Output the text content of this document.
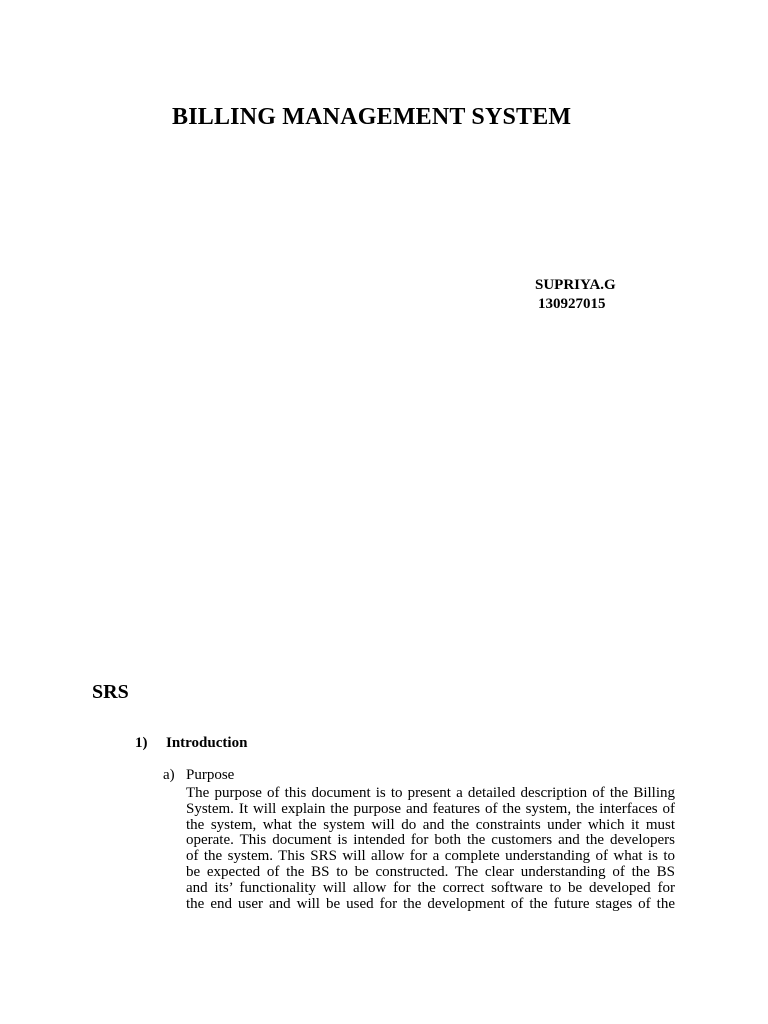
BILLING MANAGEMENT SYSTEM
SUPRIYA.G
130927015
SRS
1) Introduction
a) Purpose
The purpose of this document is to present a detailed description of the Billing
System. It will explain the purpose and features of the system, the interfaces of
the system, what the system will do and the constraints under which it must
operate. This document is intended for both the customers and the developers
of the system. This SRS will allow for a complete understanding of what is to
be expected of the BS to be constructed. The clear understanding of the BS
and its’ functionality will allow for the correct software to be developed for
the end user and will be used for the development of the future stages of the
